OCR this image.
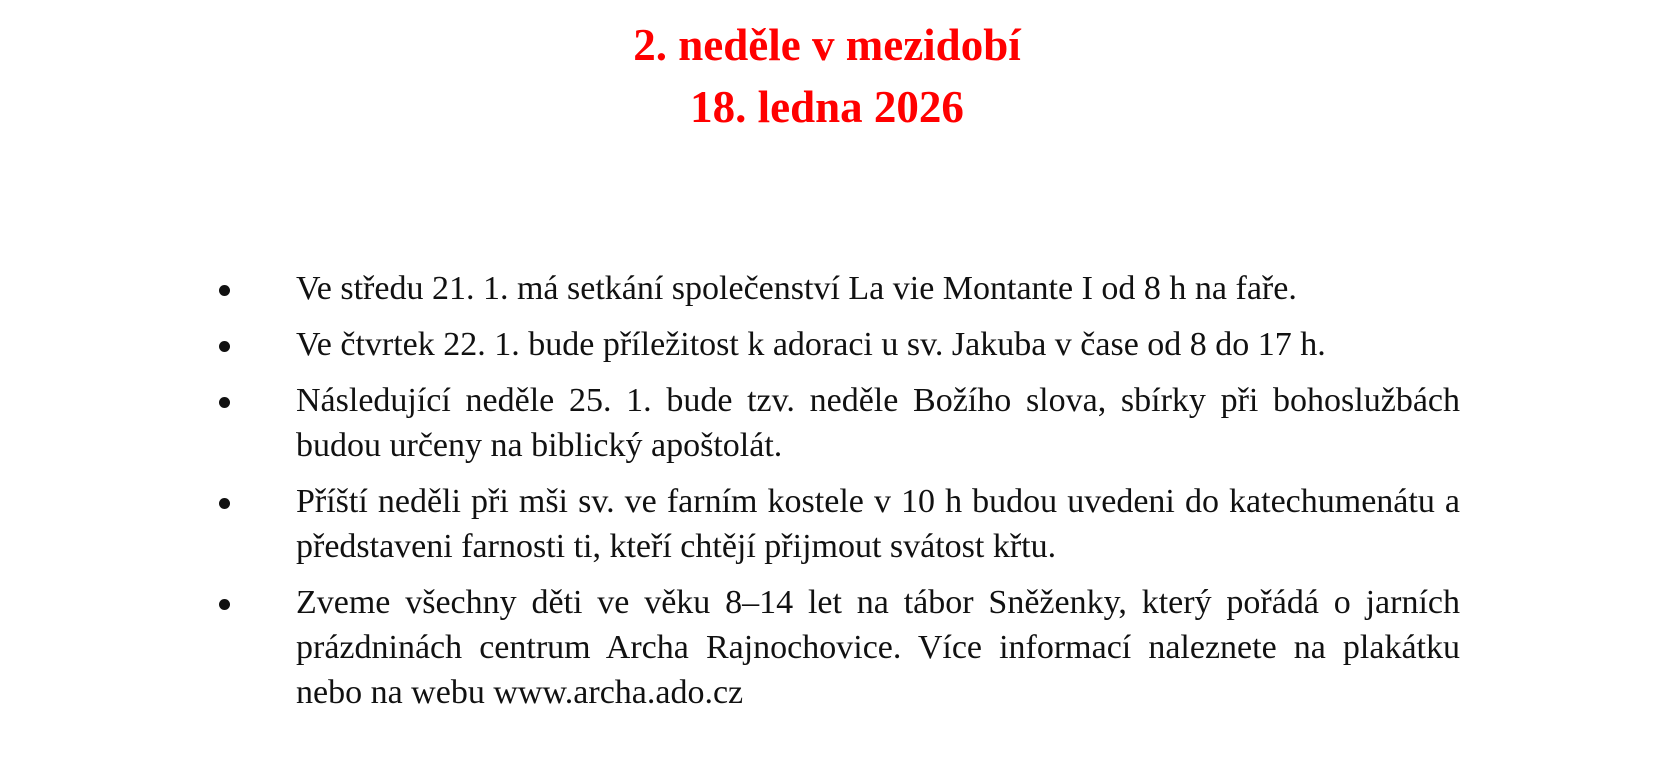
2. neděle v mezidobí
18. ledna 2026
Ve středu 21. 1. má setkání společenství La vie Montante I od 8 h na faře.
Ve čtvrtek 22. 1. bude příležitost k adoraci u sv. Jakuba v čase od 8 do 17 h.
Následující neděle 25. 1. bude tzv. neděle Božího slova, sbírky při bohoslužbách budou určeny na biblický apoštolát.
Příští neděli při mši sv. ve farním kostele v 10 h budou uvedeni do katechumenátu a představeni farnosti ti, kteří chtějí přijmout svátost křtu.
Zveme všechny děti ve věku 8–14 let na tábor Sněženky, který pořádá o jarních prázdninách centrum Archa Rajnochovice. Více informací naleznete na plakátku nebo na webu www.archa.ado.cz
